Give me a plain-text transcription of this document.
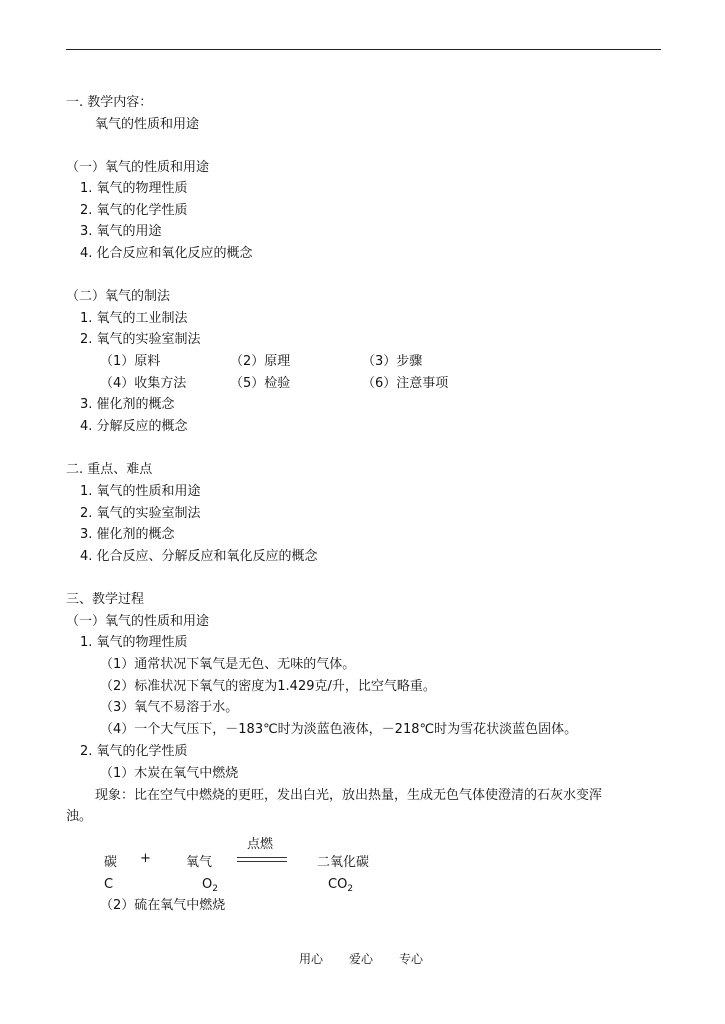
一. 教学内容：
氧气的性质和用途
（一）氧气的性质和用途
1. 氧气的物理性质
2. 氧气的化学性质
3. 氧气的用途
4. 化合反应和氧化反应的概念
（二）氧气的制法
1. 氧气的工业制法
2. 氧气的实验室制法
（1）原料	（2）原理	（3）步骤
（4）收集方法	（5）检验	（6）注意事项
3. 催化剂的概念
4. 分解反应的概念
二. 重点、难点
1. 氧气的性质和用途
2. 氧气的实验室制法
3. 催化剂的概念
4. 化合反应、分解反应和氧化反应的概念
三、教学过程
（一）氧气的性质和用途
1. 氧气的物理性质
（1）通常状况下氧气是无色、无味的气体。
（2）标准状况下氧气的密度为1.429克/升，比空气略重。
（3）氧气不易溶于水。
（4）一个大气压下，－183℃时为淡蓝色液体，－218℃时为雪花状淡蓝色固体。
2. 氧气的化学性质
（1）木炭在氧气中燃烧
现象：比在空气中燃烧的更旺，发出白光，放出热量，生成无色气体使澄清的石灰水变浑
浊。
碳 +	氧气
点燃
二氧化碳
C	$O_2$	$CO_2$
（2）硫在氧气中燃烧
用心 爱心 专心
